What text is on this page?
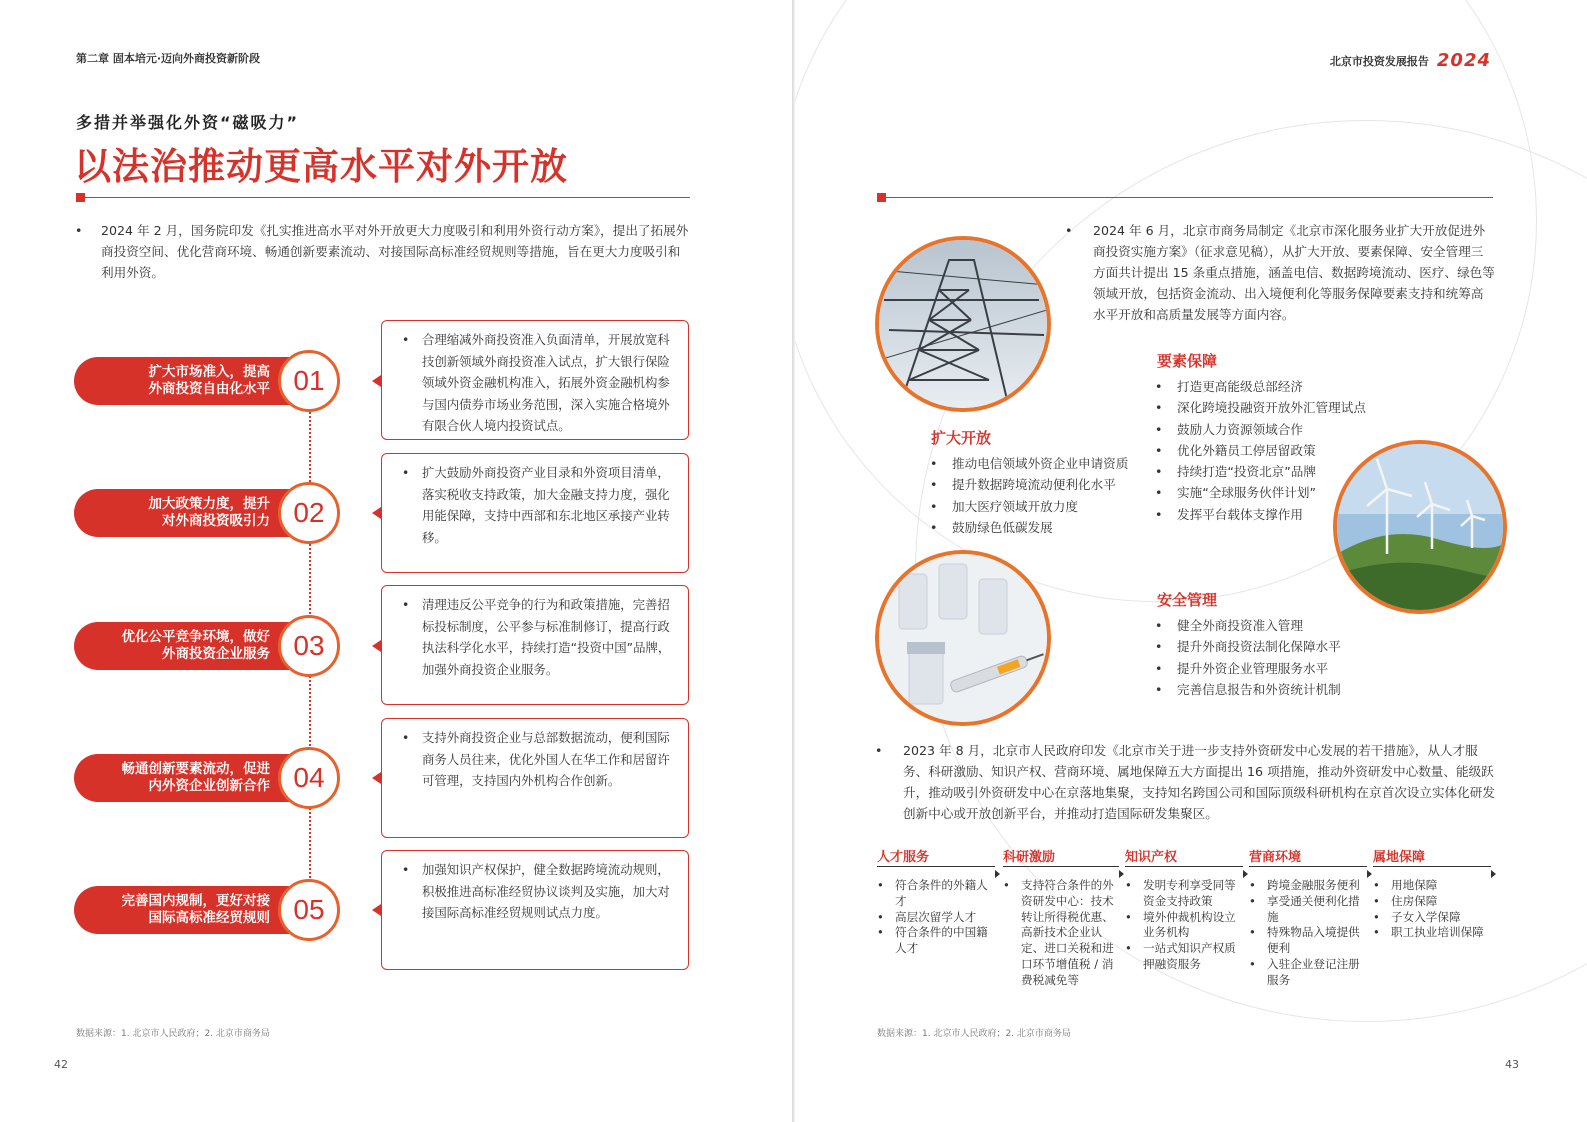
第二章 固本培元·迈向外商投资新阶段
多措并举强化外资“磁吸力”
以法治推动更高水平对外开放
• 2024 年 2 月，国务院印发《扎实推进高水平对外开放更大力度吸引和利用外资行动方案》，提出了拓展外商投资空间、优化营商环境、畅通创新要素流动、对接国际高标准经贸规则等措施，旨在更大力度吸引和利用外资。
扩大市场准入，提高
外商投资自由化水平 01
• 合理缩减外商投资准入负面清单，开展放宽科技创新领域外商投资准入试点，扩大银行保险领域外资金融机构准入，拓展外资金融机构参与国内债券市场业务范围，深入实施合格境外有限合伙人境内投资试点。
加大政策力度，提升
对外商投资吸引力 02
• 扩大鼓励外商投资产业目录和外资项目清单，落实税收支持政策，加大金融支持力度，强化用能保障，支持中西部和东北地区承接产业转移。
优化公平竞争环境，做好
外商投资企业服务 03
• 清理违反公平竞争的行为和政策措施，完善招标投标制度，公平参与标准制修订，提高行政执法科学化水平，持续打造“投资中国”品牌，加强外商投资企业服务。
畅通创新要素流动，促进
内外资企业创新合作 04
• 支持外商投资企业与总部数据流动，便利国际商务人员往来，优化外国人在华工作和居留许可管理，支持国内外机构合作创新。
完善国内规制，更好对接
国际高标准经贸规则 05
• 加强知识产权保护，健全数据跨境流动规则，积极推进高标准经贸协议谈判及实施，加大对接国际高标准经贸规则试点力度。
数据来源：1. 北京市人民政府；2. 北京市商务局
42
北京市投资发展报告 2024
• 2024 年 6 月，北京市商务局制定《北京市深化服务业扩大开放促进外商投资实施方案》（征求意见稿），从扩大开放、要素保障、安全管理三方面共计提出 15 条重点措施，涵盖电信、数据跨境流动、医疗、绿色等领域开放，包括资金流动、出入境便利化等服务保障要素支持和统筹高水平开放和高质量发展等方面内容。
要素保障
• 打造更高能级总部经济
• 深化跨境投融资开放外汇管理试点
• 鼓励人力资源领域合作
• 优化外籍员工停居留政策
• 持续打造“投资北京”品牌
• 实施“全球服务伙伴计划”
• 发挥平台载体支撑作用
扩大开放
• 推动电信领域外资企业申请资质
• 提升数据跨境流动便利化水平
• 加大医疗领域开放力度
• 鼓励绿色低碳发展
安全管理
• 健全外商投资准入管理
• 提升外商投资法制化保障水平
• 提升外资企业管理服务水平
• 完善信息报告和外资统计机制
• 2023 年 8 月，北京市人民政府印发《北京市关于进一步支持外资研发中心发展的若干措施》，从人才服务、科研激励、知识产权、营商环境、属地保障五大方面提出 16 项措施，推动外资研发中心数量、能级跃升，推动吸引外资研发中心在京落地集聚，支持知名跨国公司和国际顶级科研机构在京首次设立实体化研发创新中心或开放创新平台，并推动打造国际研发集聚区。
人才服务
• 符合条件的外籍人才
• 高层次留学人才
• 符合条件的中国籍人才
科研激励
• 支持符合条件的外资研发中心：技术转让所得税优惠、高新技术企业认定、进口关税和进口环节增值税 / 消费税减免等
知识产权
• 发明专利享受同等资金支持政策
• 境外仲裁机构设立业务机构
• 一站式知识产权质押融资服务
营商环境
• 跨境金融服务便利
• 享受通关便利化措施
• 特殊物品入境提供便利
• 入驻企业登记注册服务
属地保障
• 用地保障
• 住房保障
• 子女入学保障
• 职工执业培训保障
数据来源：1. 北京市人民政府；2. 北京市商务局
43
